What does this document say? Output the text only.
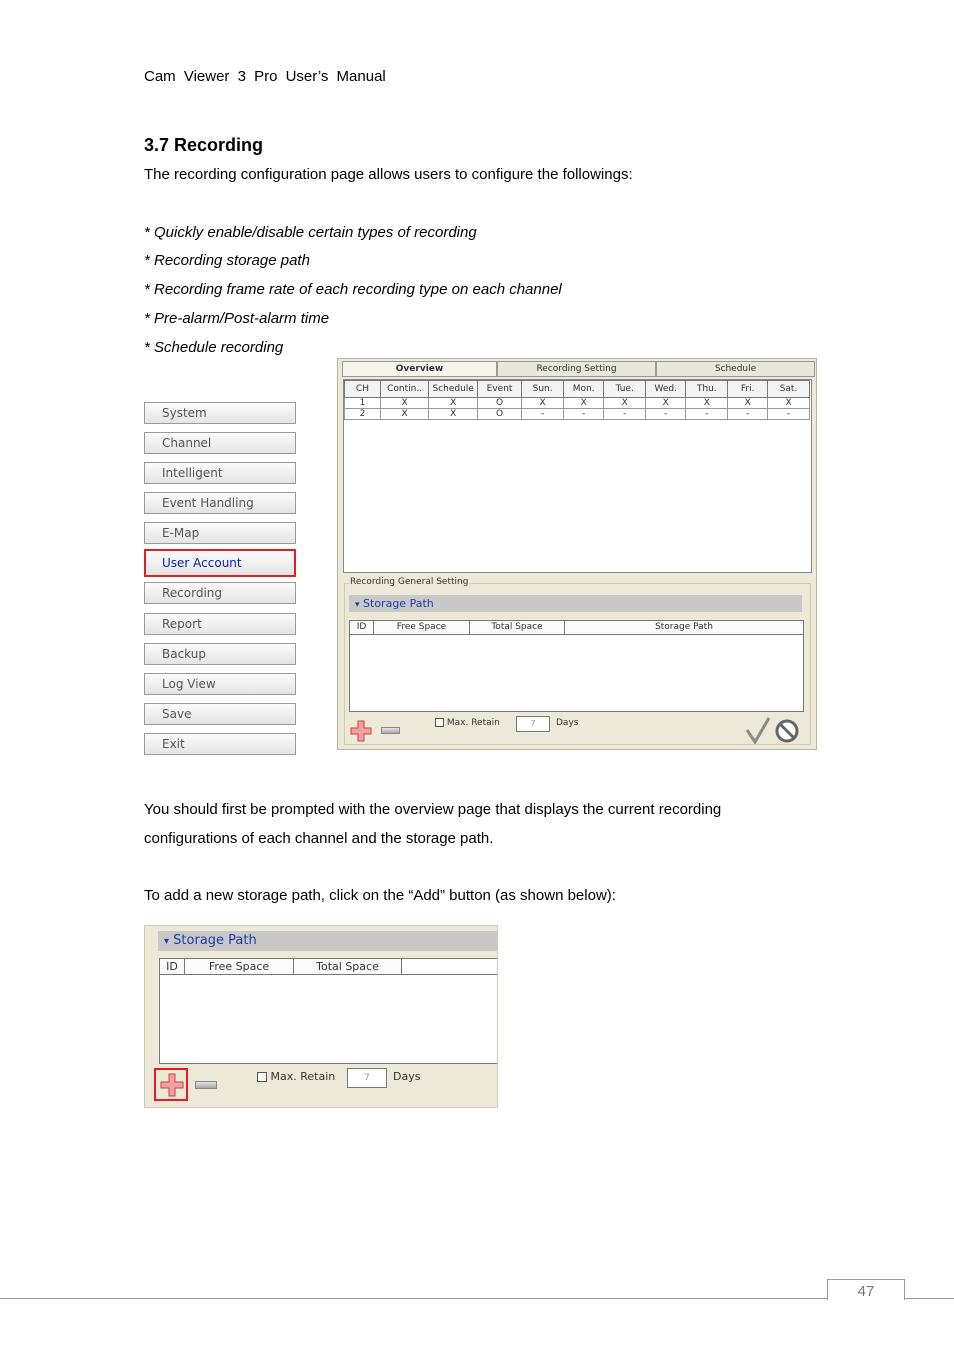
Cam Viewer 3 Pro User’s Manual
3.7 Recording
The recording configuration page allows users to configure the followings:
* Quickly enable/disable certain types of recording
* Recording storage path
* Recording frame rate of each recording type on each channel
* Pre-alarm/Post-alarm time
* Schedule recording
System
Channel
Intelligent
Event Handling
E-Map
User Account
Recording
Report
Backup
Log View
Save
Exit
Overview	Recording Setting	Schedule
CH	Contin..	Schedule	Event	Sun.	Mon.	Tue.	Wed.	Thu.	Fri.	Sat.
1	X	X	O	X	X	X	X	X	X	X
2	X	X	O	-	-	-	-	-	-	-
Recording General Setting
▾ Storage Path
ID	Free Space	Total Space	Storage Path
Max. Retain	7	Days
You should first be prompted with the overview page that displays the current recording
configurations of each channel and the storage path.
To add a new storage path, click on the “Add” button (as shown below):
▾ Storage Path
ID	Free Space	Total Space
Max. Retain	7	Days
47
